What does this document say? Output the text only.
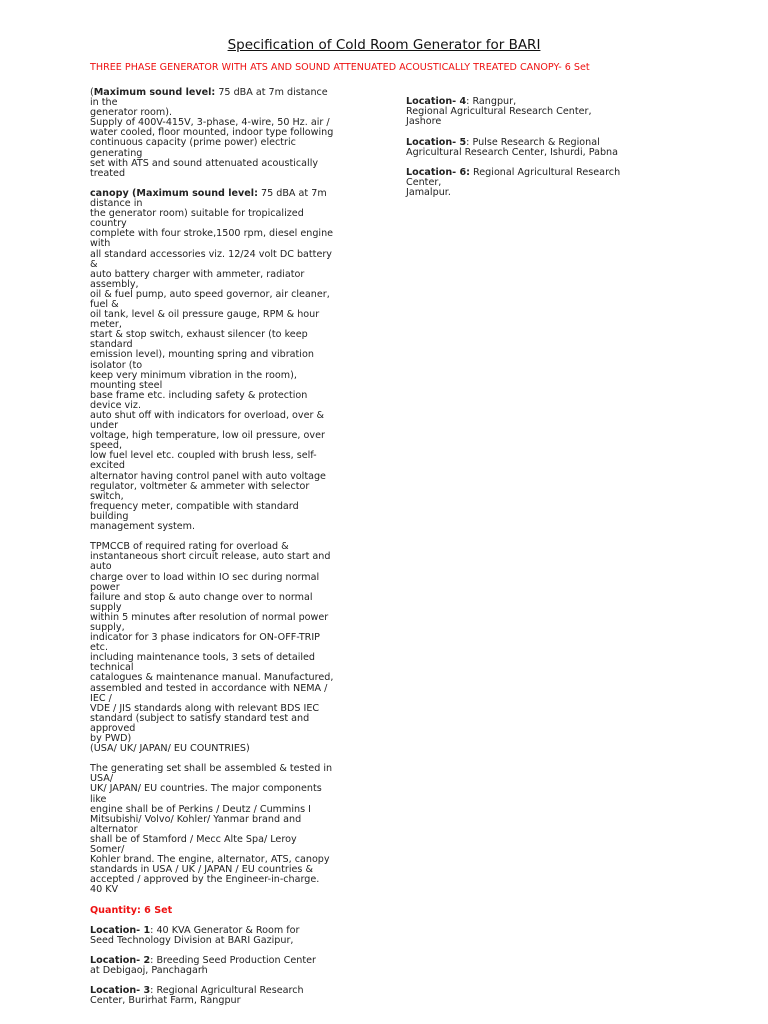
Specification of Cold Room Generator for BARI
THREE PHASE GENERATOR WITH ATS AND SOUND ATTENUATED ACOUSTICALLY TREATED CANOPY- 6 Set
(Maximum sound level: 75 dBA at 7m distance
in the
generator room).
Supply of 400V-415V, 3-phase, 4-wire, 50 Hz. air /
water cooled, floor mounted, indoor type following
continuous capacity (prime power) electric
generating
set with ATS and sound attenuated acoustically
treated
canopy (Maximum sound level: 75 dBA at 7m
distance in
the generator room) suitable for tropicalized
country
complete with four stroke,1500 rpm, diesel engine
with
all standard accessories viz. 12/24 volt DC battery
&
auto battery charger with ammeter, radiator
assembly,
oil & fuel pump, auto speed governor, air cleaner,
fuel &
oil tank, level & oil pressure gauge, RPM & hour
meter,
start & stop switch, exhaust silencer (to keep
standard
emission level), mounting spring and vibration
isolator (to
keep very minimum vibration in the room),
mounting steel
base frame etc. including safety & protection
device viz.
auto shut off with indicators for overload, over &
under
voltage, high temperature, low oil pressure, over
speed,
low fuel level etc. coupled with brush less, self-
excited
alternator having control panel with auto voltage
regulator, voltmeter & ammeter with selector
switch,
frequency meter, compatible with standard
building
management system.
TPMCCB of required rating for overload &
instantaneous short circuit release, auto start and
auto
charge over to load within IO sec during normal
power
failure and stop & auto change over to normal
supply
within 5 minutes after resolution of normal power
supply,
indicator for 3 phase indicators for ON-OFF-TRIP
etc.
including maintenance tools, 3 sets of detailed
technical
catalogues & maintenance manual. Manufactured,
assembled and tested in accordance with NEMA /
IEC /
VDE / JIS standards along with relevant BDS IEC
standard (subject to satisfy standard test and
approved
by PWD)
(USA/ UK/ JAPAN/ EU COUNTRIES)
The generating set shall be assembled & tested in
USA/
UK/ JAPAN/ EU countries. The major components
like
engine shall be of Perkins / Deutz / Cummins I
Mitsubishi/ Volvo/ Kohler/ Yanmar brand and
alternator
shall be of Stamford / Mecc Alte Spa/ Leroy
Somer/
Kohler brand. The engine, alternator, ATS, canopy
standards in USA / UK / JAPAN / EU countries &
accepted / approved by the Engineer-in-charge.
40 KV
Quantity: 6 Set
Location- 1: 40 KVA Generator & Room for
Seed Technology Division at BARI Gazipur,
Location- 2: Breeding Seed Production Center
at Debigaoj, Panchagarh
Location- 3: Regional Agricultural Research
Center, Burirhat Farm, Rangpur
Location- 4: Rangpur,
Regional Agricultural Research Center,
Jashore
Location- 5: Pulse Research & Regional
Agricultural Research Center, Ishurdi, Pabna
Location- 6: Regional Agricultural Research
Center,
Jamalpur.
